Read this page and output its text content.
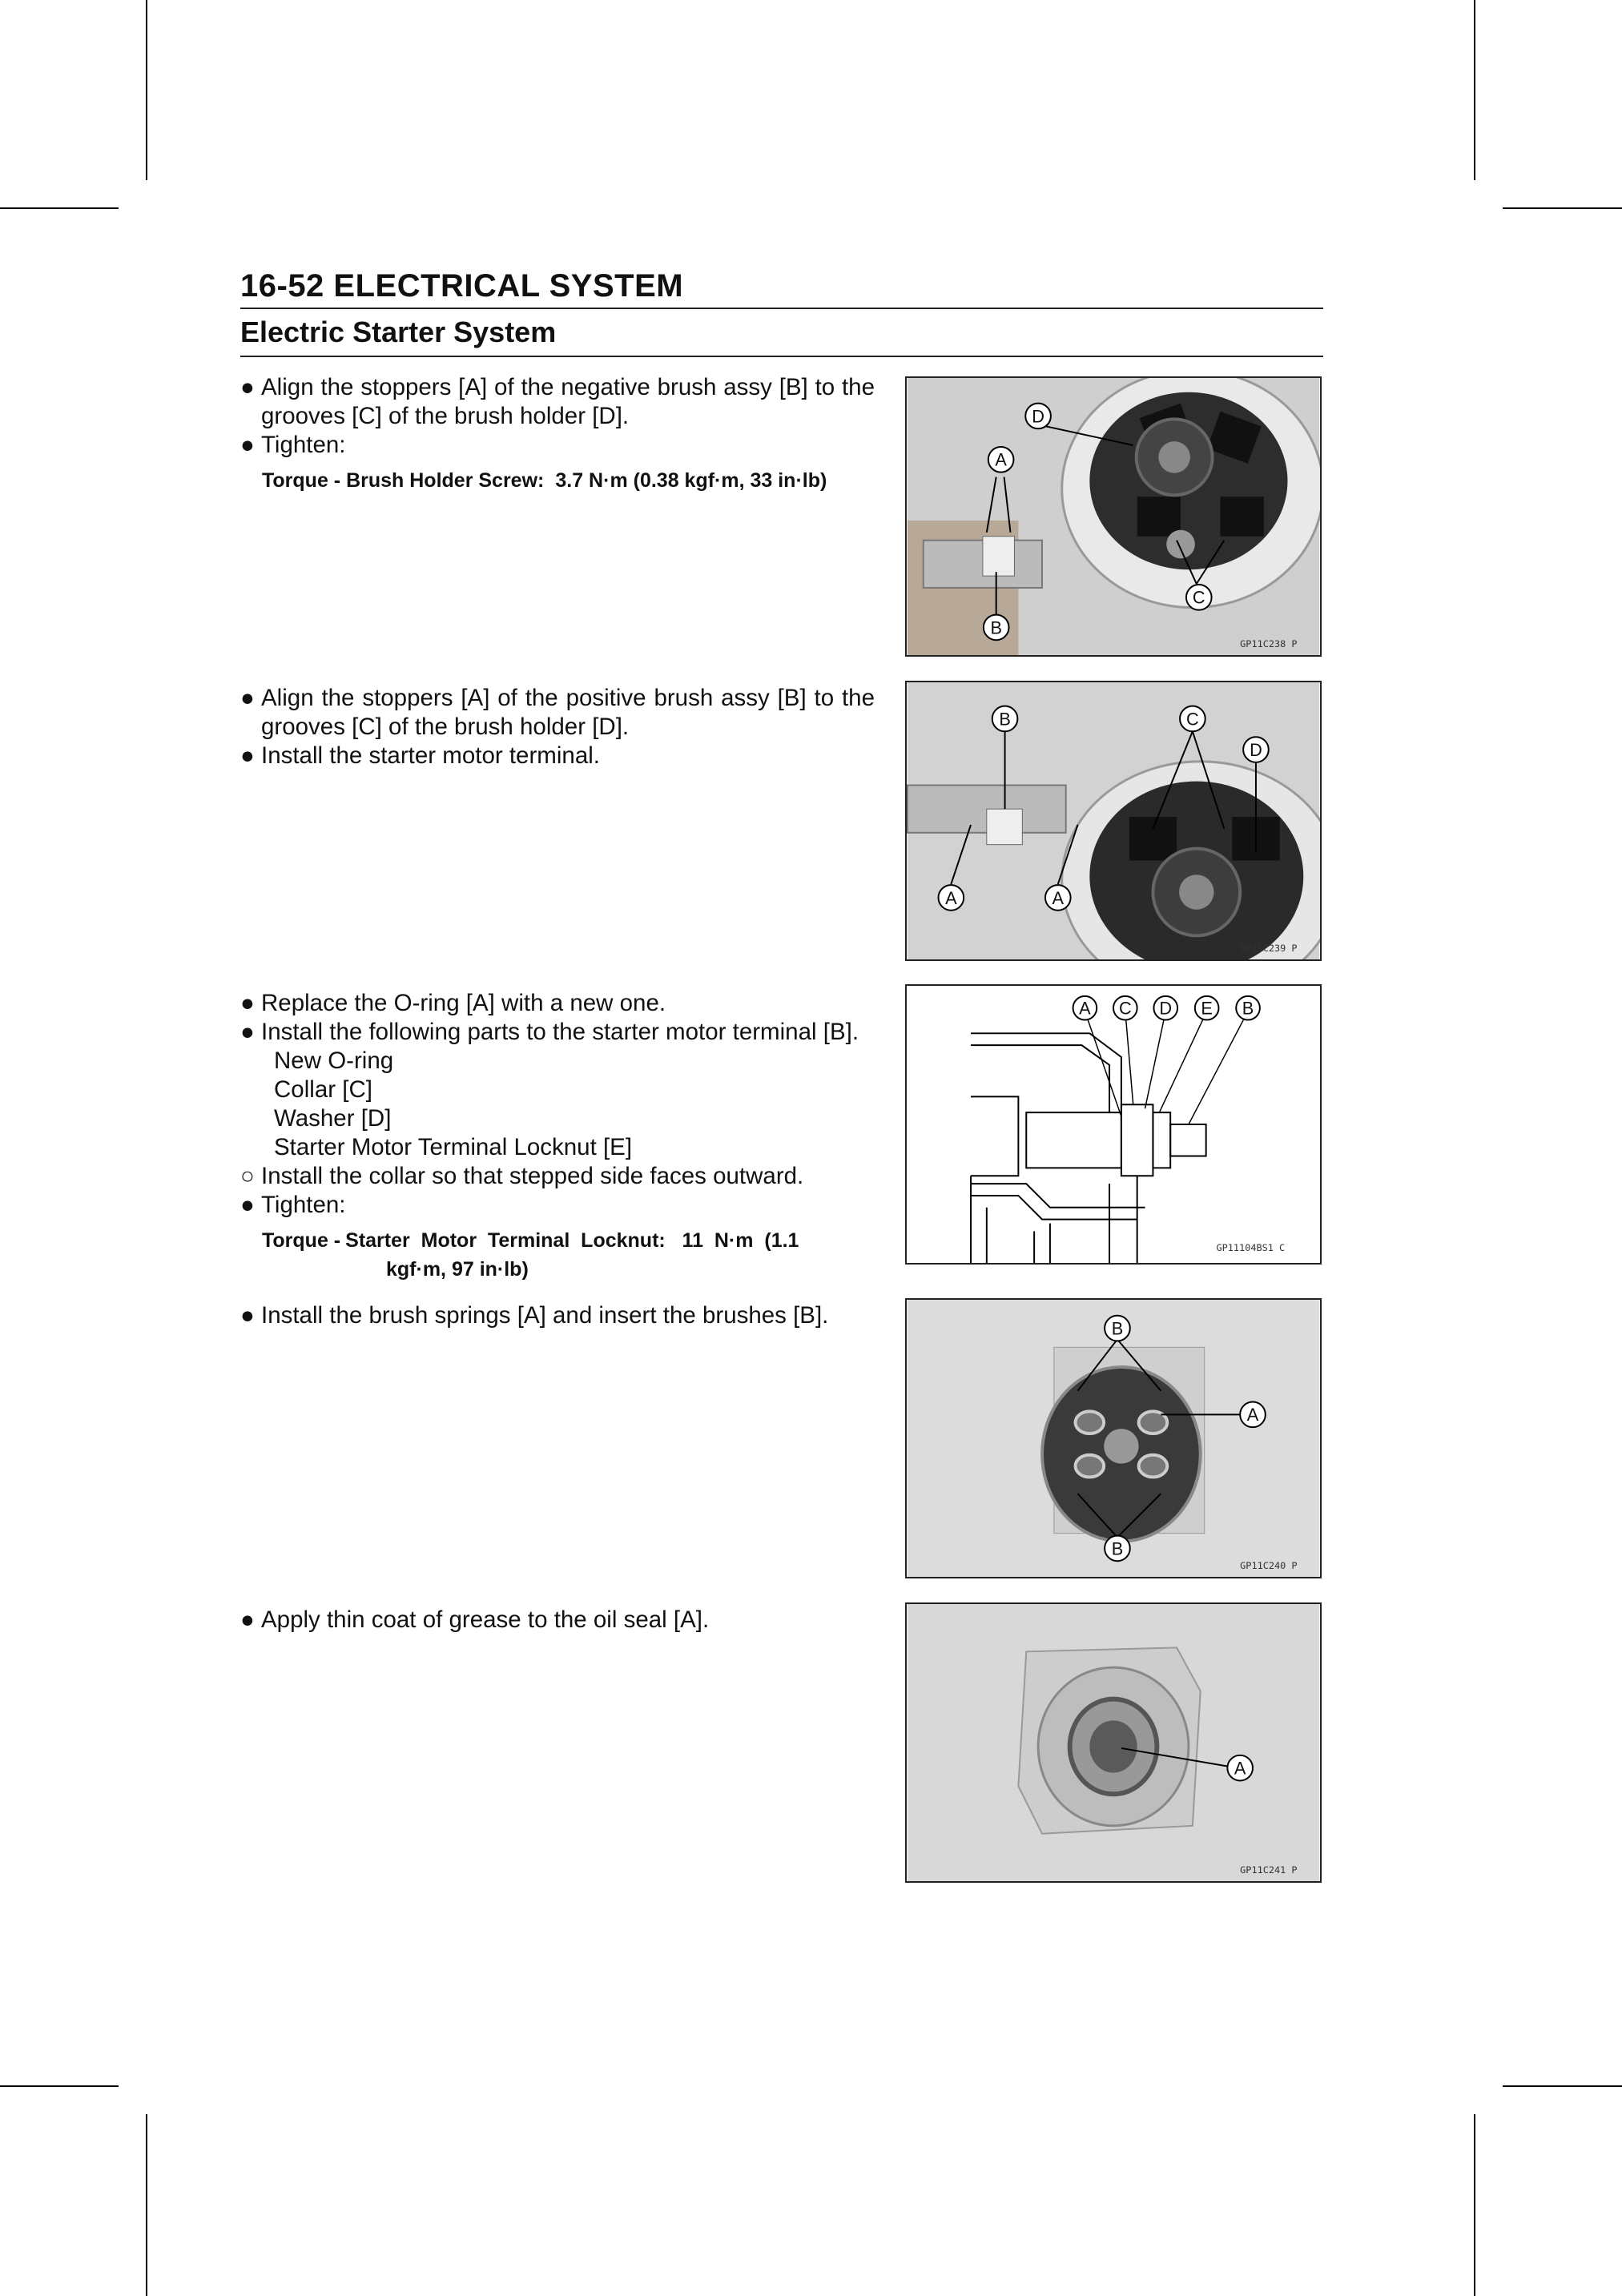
16-52 ELECTRICAL SYSTEM
Electric Starter System

● Align the stoppers [A] of the negative brush assy [B] to the grooves [C] of the brush holder [D].

● Tighten:

Torque - Brush Holder Screw: 3.7 N·m (0.38 kgf·m, 33 in·lb)
A
B
D
C
GP11C238 P

● Align the stoppers [A] of the positive brush assy [B] to the grooves [C] of the brush holder [D].

● Install the starter motor terminal.

B	C
D
A	A
GP11C239 P

● Replace the O-ring [A] with a new one.

● Install the following parts to the starter motor terminal [B].

New O-ring
Collar [C]
Washer [D]
Starter Motor Terminal Locknut [E]

○ Install the collar so that stepped side faces outward.

● Tighten:

Torque - Starter  Motor  Terminal  Locknut:   11  N·m  (1.1
kgf·m, 97 in·lb)
A C D E B
GP11104BS1 C

● Install the brush springs [A] and insert the brushes [B].	B
A
B
GP11C240 P

● Apply thin coat of grease to the oil seal [A].

A
GP11C241 P
